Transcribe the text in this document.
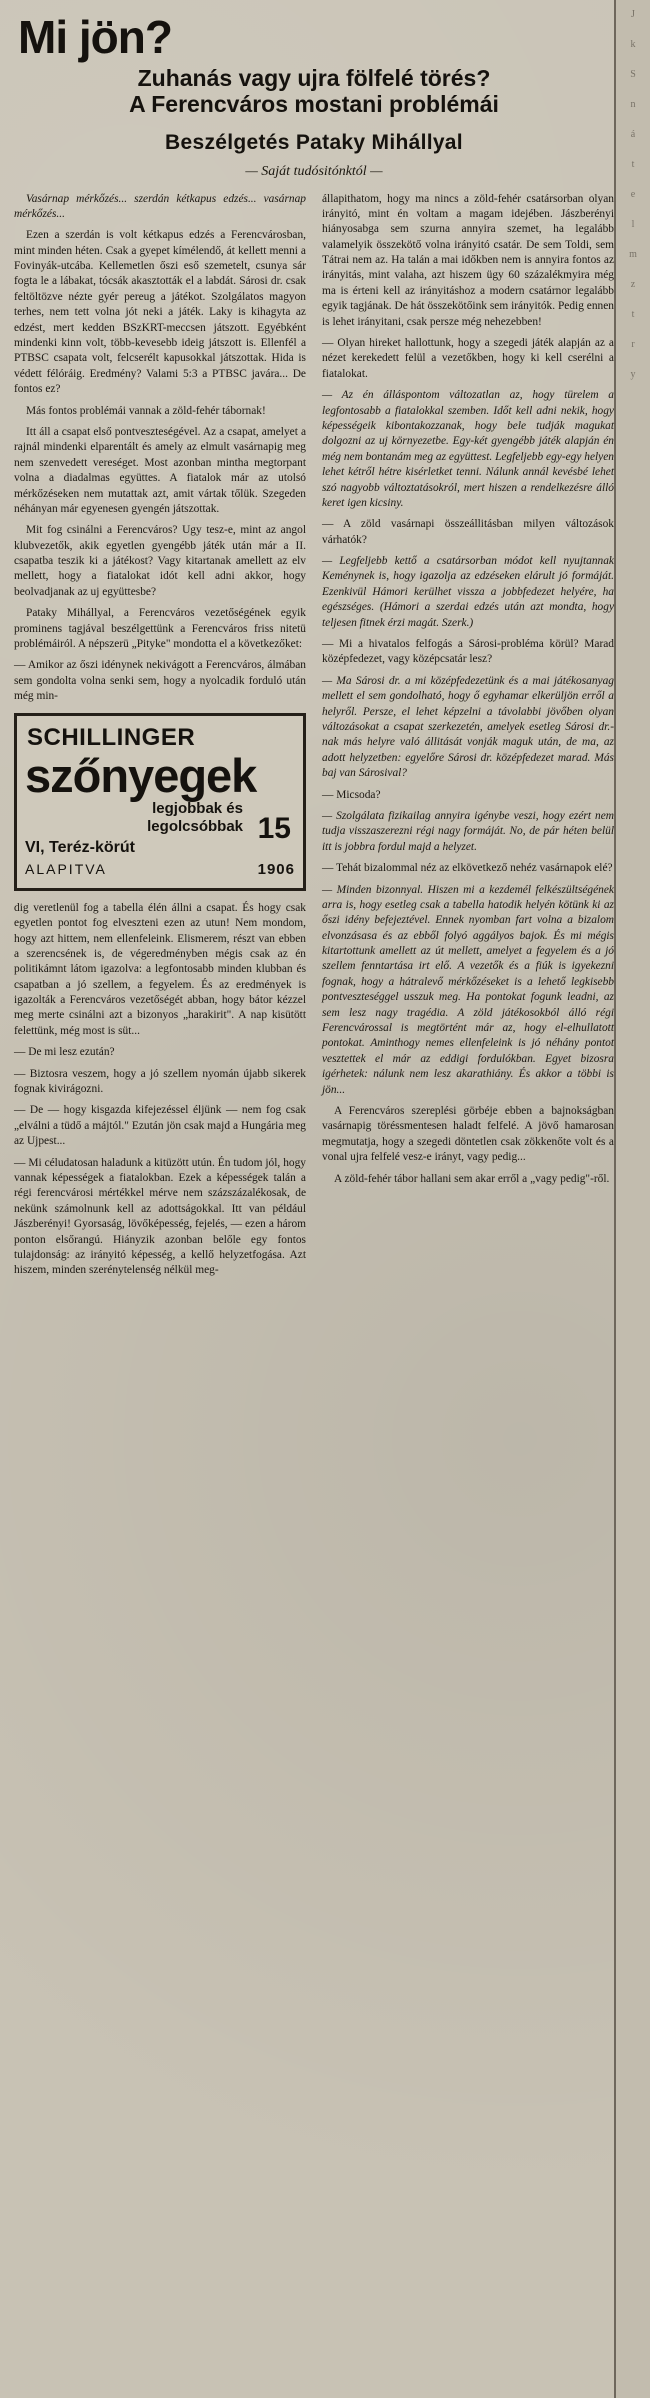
J
k
S
n
á
t
e
l
m
z
t
r
y
Mi jön?
Zuhanás vagy ujra fölfelé törés?
A Ferencváros mostani problémái
Beszélgetés Pataky Mihállyal
— Saját tudósitónktól —
Vasárnap mérkőzés... szerdán kétkapus edzés... vasárnap mérkőzés...
Ezen a szerdán is volt kétkapus edzés a Ferencvárosban, mint minden héten. Csak a gyepet kímélendő, át kellett menni a Fovinyák-utcába. Kellemetlen őszi eső szemetelt, csunya sár fogta le a lábakat, tócsák akasztották el a labdát. Sárosi dr. csak feltöltözve nézte gyér pereug a játékot. Szolgálatos magyon terhes, nem tett volna jót neki a játék. Laky is kihagyta az edzést, mert kedden BSzKRT-meccsen játszott. Egyébként mindenki kinn volt, több-kevesebb ideig játszott is. Ellenfél a PTBSC csapata volt, felcserélt kapusokkal játszottak. Hida is védett félóráig. Eredmény? Valami 5:3 a PTBSC javára... De fontos ez?
Más fontos problémái vannak a zöld-fehér tábornak!
Itt áll a csapat első pontveszteségével. Az a csapat, amelyet a rajnál mindenki elparentált és amely az elmult vasárnapig meg nem szenvedett vereséget. Most azonban mintha megtorpant volna a diadalmas együttes. A fiatalok már az utolsó mérkőzéseken nem mutattak azt, amit vártak tőlük. Szegeden néhányan már egyenesen gyengén játszottak.
Mit fog csinálni a Ferencváros? Ugy tesz-e, mint az angol klubvezetők, akik egyetlen gyengébb játék után már a II. csapatba teszik ki a játékost? Vagy kitartanak amellett az elv mellett, hogy a fiatalokat idót kell adni akkor, hogy beolvadjanak az uj együttesbe?
Pataky Mihállyal, a Ferencváros vezetőségének egyik prominens tagjával beszélgettünk a Ferencváros friss nitetü problémáiról. A népszerü „Pityke" mondotta el a következőket:
— Amikor az őszi idénynek nekivágott a Ferencváros, álmában sem gondolta volna senki sem, hogy a nyolcadik forduló után még min-
SCHILLINGER
szőnyegek
legjobbak és
legolcsóbbak 15
VI, Teréz-körút
ALAPITVA	1906
dig veretlenül fog a tabella élén állni a csapat. És hogy csak egyetlen pontot fog elveszteni ezen az utun! Nem mondom, hogy azt hittem, nem ellenfeleink. Elismerem, részt van ebben a szerencsének is, de végeredményben mégis csak az én politikámnt látom igazolva: a legfontosabb minden klubban és csapatban a jó szellem, a fegyelem. És az eredmények is igazolták a Ferencváros vezetőségét abban, hogy bátor kézzel meg merte csinálni azt a bizonyos „harakirit". A nap kisütött felettünk, még most is süt...
— De mi lesz ezután?
— Biztosra veszem, hogy a jó szellem nyomán újabb sikerek fognak kivirágozni.
— De — hogy kisgazda kifejezéssel éljünk — nem fog csak „elválni a tüdő a májtól." Ezután jön csak majd a Hungária meg az Ujpest...
— Mi céludatosan haladunk a kitüzött utún. Én tudom jól, hogy vannak képességek a fiatalokban. Ezek a képességek talán a régi ferencvárosi mértékkel mérve nem százszázalékosak, de nekünk számolnunk kell az adottságokkal. Itt van például Jászberényi! Gyorsaság, lövőképesség, fejelés, — ezen a három ponton elsőrangú. Hiányzik azonban belőle egy fontos tulajdonság: az irányitó képesség, a kellő helyzetfogása. Azt hiszem, minden szerénytelenség nélkül meg-
állapithatom, hogy ma nincs a zöld-fehér csatársorban olyan irányitó, mint én voltam a magam idejében. Jászberényi hiányosabga sem szurna annyira szemet, ha legalább valamelyik összekötő volna irányitó csatár. De sem Toldi, sem Tátrai nem az. Ha talán a mai időkben nem is annyira fontos az irányitás, mint valaha, azt hiszem ügy 60 százalékmyira még ma is érteni kell az irányitáshoz a modern csatárnor legalább egyik tagjának. De hát összekötőink sem irányitók. Pedig ennen is lehet irányitani, csak persze még nehezebben!
— Olyan hireket hallottunk, hogy a szegedi játék alapján az a nézet kerekedett felül a vezetőkben, hogy ki kell cserélni a fiatalokat.
— Az én álláspontom változatlan az, hogy türelem a legfontosabb a fiatalokkal szemben. Időt kell adni nekik, hogy képességeik kibontakozzanak, hogy bele tudják magukat dolgozni az uj környezetbe. Egy-két gyengébb játék alapján én még nem bontanám meg az együttest. Legfeljebb egy-egy helyen lehet kétről hétre kisérletket tenni. Nálunk annál kevésbé lehet szó nagyobb változtatásokról, mert hiszen a rendelkezésre álló keret igen kicsiny.
— A zöld vasárnapi összeállitásban milyen változások várhatók?
— Legfeljebb kettő a csatársorban módot kell nyujtannak Keménynek is, hogy igazolja az edzéseken elárult jó formáját. Ezenkivül Hámori kerülhet vissza a jobbfedezet helyére, ha egészséges. (Hámori a szerdai edzés után azt mondta, hogy teljesen fitnek érzi magát. Szerk.)
— Mi a hivatalos felfogás a Sárosi-probléma körül? Marad középfedezet, vagy középcsatár lesz?
— Ma Sárosi dr. a mi középfedezetünk és a mai játékosanyag mellett el sem gondolható, hogy ő egyhamar elkerüljön erről a helyről. Persze, el lehet képzelni a távolabbi jövőben olyan változásokat a csapat szerkezetén, amelyek esetleg Sárosi dr.-nak más helyre való állitását vonják maguk után, de ma, az adott helyzetben: egyelőre Sárosi dr. középfedezet marad. Más baj van Sárosival?
— Micsoda?
— Szolgálata fizikailag annyira igénybe veszi, hogy ezért nem tudja visszaszerezni régi nagy formáját. No, de pár héten belül itt is jobbra fordul majd a helyzet.
— Tehát bizalommal néz az elkövetkező nehéz vasárnapok elé?
— Minden bizonnyal. Hiszen mi a kezdemél felkészültségének arra is, hogy esetleg csak a tabella hatodik helyén kötünk ki az őszi idény befejeztével. Ennek nyomban fart volna a bizalom elvonzásasa és az ebből folyó aggályos bajok. És mi mégis kitartottunk amellett az út mellett, amelyet a fegyelem és a jó szellem fenntartása irt elő. A vezetők és a fiúk is igyekezni fognak, hogy a hátralevő mérkőzéseket is a lehető legkisebb pontveszteséggel usszuk meg. Ha pontokat fogunk leadni, az sem lesz nagy tragédia. A zöld játékosokból álló régi Ferencvárossal is megtörtént már az, hogy el-elhullatott pontokat. Aminthogy nemes ellenfeleink is jó néhány pontot vesztettek el már az eddigi fordulókban. Egyet bizosra igérhetek: nálunk nem lesz akarathiány. És akkor a többi is jön...
A Ferencváros szereplési görbéje ebben a bajnokságban vasárnapig töréssmentesen haladt felfelé. A jövő hamarosan megmutatja, hogy a szegedi döntetlen csak zökkenőte volt és a vonal ujra felfelé vesz-e irányt, vagy pedig...
A zöld-fehér tábor hallani sem akar erről a „vagy pedig"-ről.
